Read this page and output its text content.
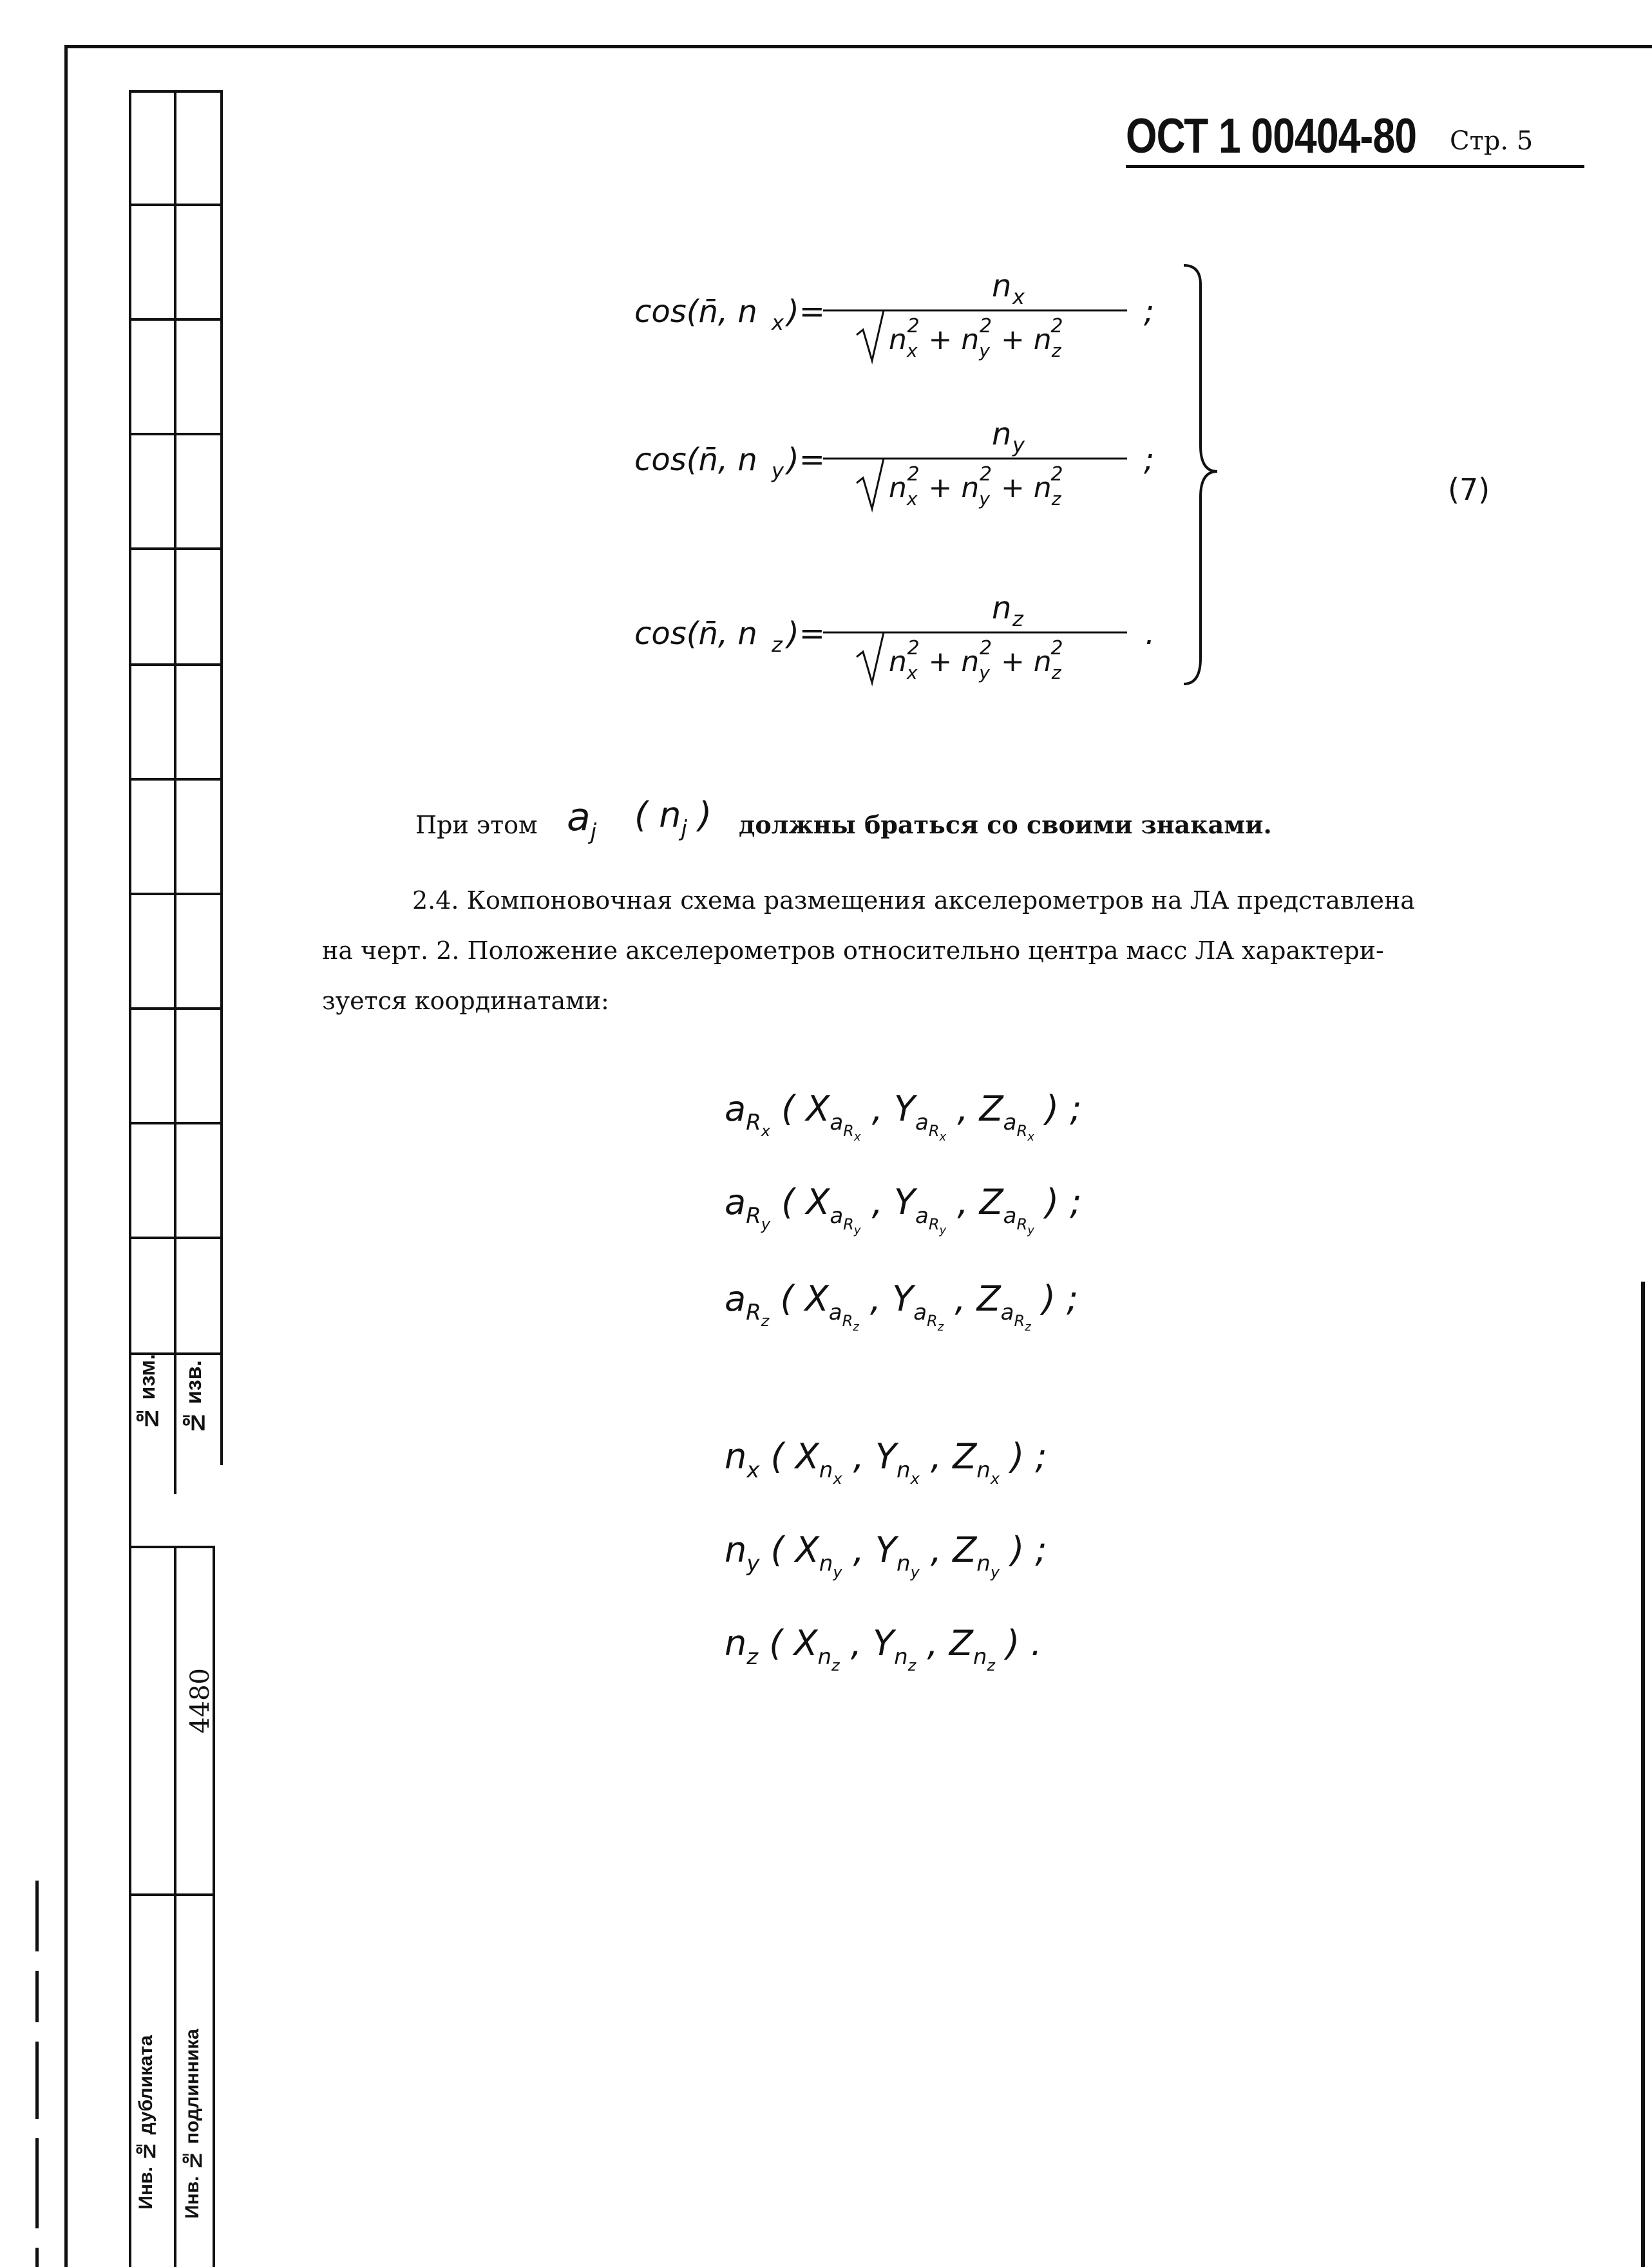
№ изм. № изв.
4480
Инв. № дубликата Инв. № подлинника
ОСТ 1 00404-80 Стр. 5
cos(n̄, n x )=
n x
$n_x2 + n_y2 + n_z2$	;
cos(n̄, n y )=
n y
$n_x2 + n_y2 + n_z2$	;
cos(n̄, n z )=
n z
$n_x2 + n_y2 + n_z2$	.
(7)
При этом $a_j$ ( $n_j$ ) должны браться со своими знаками.
2.4. Компоновочная схема размещения акселерометров на ЛА представлена
на черт. 2. Положение акселерометров относительно центра масс ЛА характери-
зуется координатами:
$a_{R_x}$ ( $X_{a_{R_x}}$ , $Y_{a_{R_x}}$ , $Z_{a_{R_x}}$ ) ;
$a_{R_y}$ ( $X_{a_{R_y}}$ , $Y_{a_{R_y}}$ , $Z_{a_{R_y}}$ ) ;
$a_{R_z}$ ( $X_{a_{R_z}}$ , $Y_{a_{R_z}}$ , $Z_{a_{R_z}}$ ) ;
$n_x$ ( $X_{n_x}$ , $Y_{n_x}$ , $Z_{n_x}$ ) ;
$n_y$ ( $X_{n_y}$ , $Y_{n_y}$ , $Z_{n_y}$ ) ;
$n_z$ ( $X_{n_z}$ , $Y_{n_z}$ , $Z_{n_z}$ ) .
